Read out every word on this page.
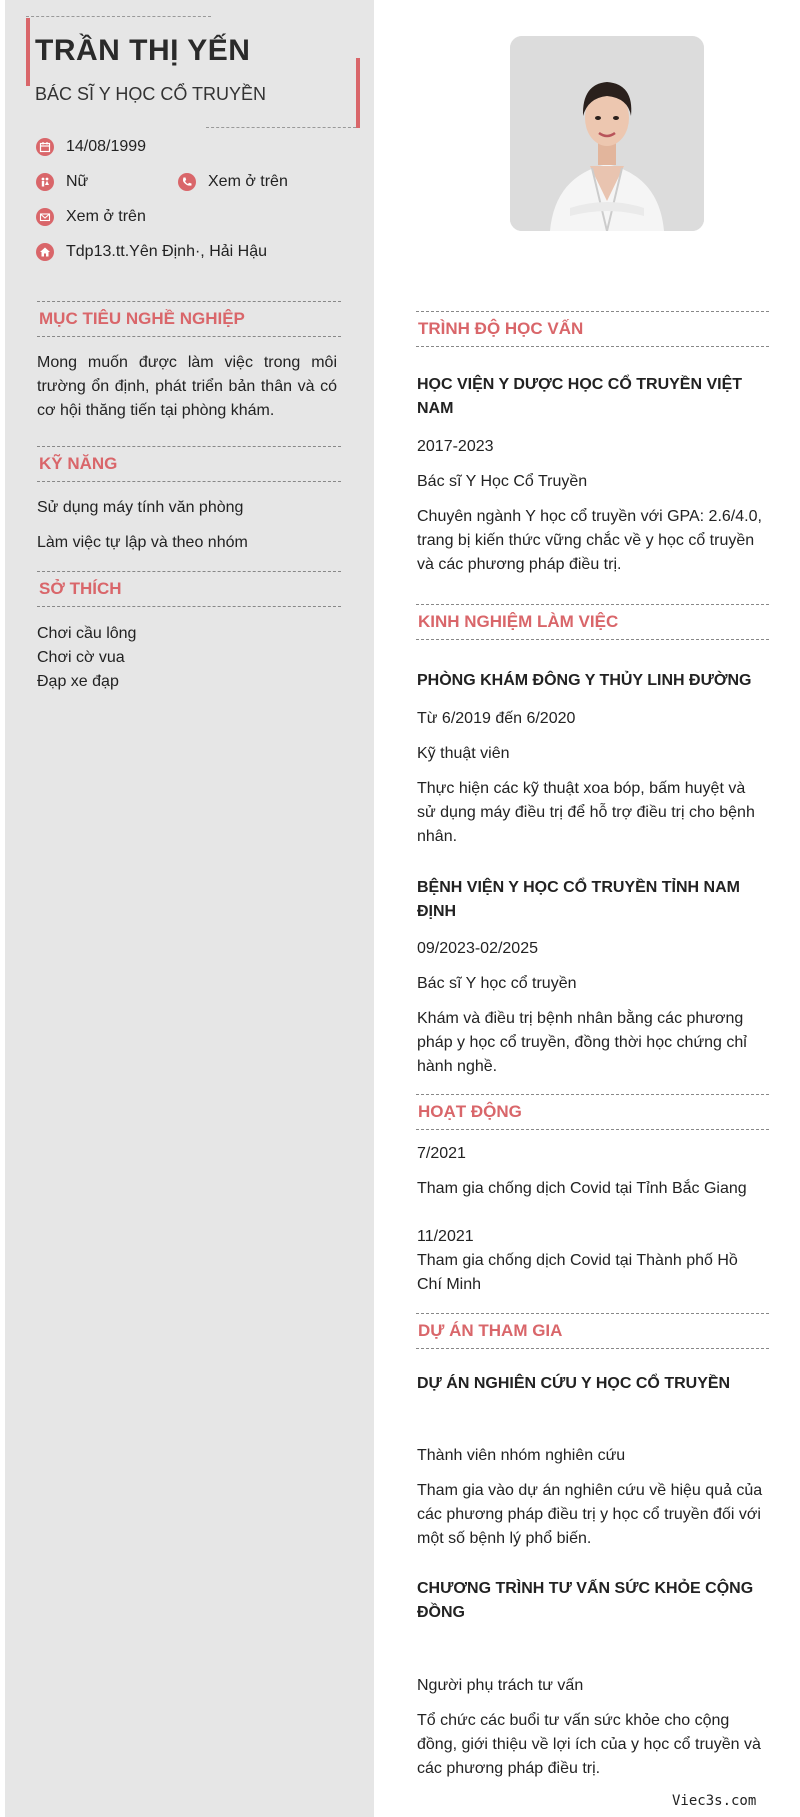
TRẦN THỊ YẾN
BÁC SĨ Y HỌC CỔ TRUYỀN
14/08/1999
Nữ	Xem ở trên
Xem ở trên
Tdp13.tt.Yên Định·, Hải Hậu
MỤC TIÊU NGHỀ NGHIỆP
Mong muốn được làm việc trong môi trường ổn định, phát triển bản thân và có cơ hội thăng tiến tại phòng khám.
KỸ NĂNG
Sử dụng máy tính văn phòng
Làm việc tự lập và theo nhóm
SỞ THÍCH
Chơi cầu lông
Chơi cờ vua
Đạp xe đạp
TRÌNH ĐỘ HỌC VẤN
HỌC VIỆN Y DƯỢC HỌC CỔ TRUYỀN VIỆT NAM
2017-2023
Bác sĩ Y Học Cổ Truyền
Chuyên ngành Y học cổ truyền với GPA: 2.6/4.0, trang bị kiến thức vững chắc về y học cổ truyền và các phương pháp điều trị.
KINH NGHIỆM LÀM VIỆC
PHÒNG KHÁM ĐÔNG Y THỦY LINH ĐƯỜNG
Từ 6/2019 đến 6/2020
Kỹ thuật viên
Thực hiện các kỹ thuật xoa bóp, bấm huyệt và sử dụng máy điều trị để hỗ trợ điều trị cho bệnh nhân.
BỆNH VIỆN Y HỌC CỔ TRUYỀN TỈNH NAM ĐỊNH
09/2023-02/2025
Bác sĩ Y học cổ truyền
Khám và điều trị bệnh nhân bằng các phương pháp y học cổ truyền, đồng thời học chứng chỉ hành nghề.
HOẠT ĐỘNG
7/2021
Tham gia chống dịch Covid tại Tỉnh Bắc Giang
11/2021
Tham gia chống dịch Covid tại Thành phố Hồ Chí Minh
DỰ ÁN THAM GIA
DỰ ÁN NGHIÊN CỨU Y HỌC CỔ TRUYỀN
Thành viên nhóm nghiên cứu
Tham gia vào dự án nghiên cứu về hiệu quả của các phương pháp điều trị y học cổ truyền đối với một số bệnh lý phổ biến.
CHƯƠNG TRÌNH TƯ VẤN SỨC KHỎE CỘNG ĐỒNG
Người phụ trách tư vấn
Tổ chức các buổi tư vấn sức khỏe cho cộng đồng, giới thiệu về lợi ích của y học cổ truyền và các phương pháp điều trị.
Viec3s.com
